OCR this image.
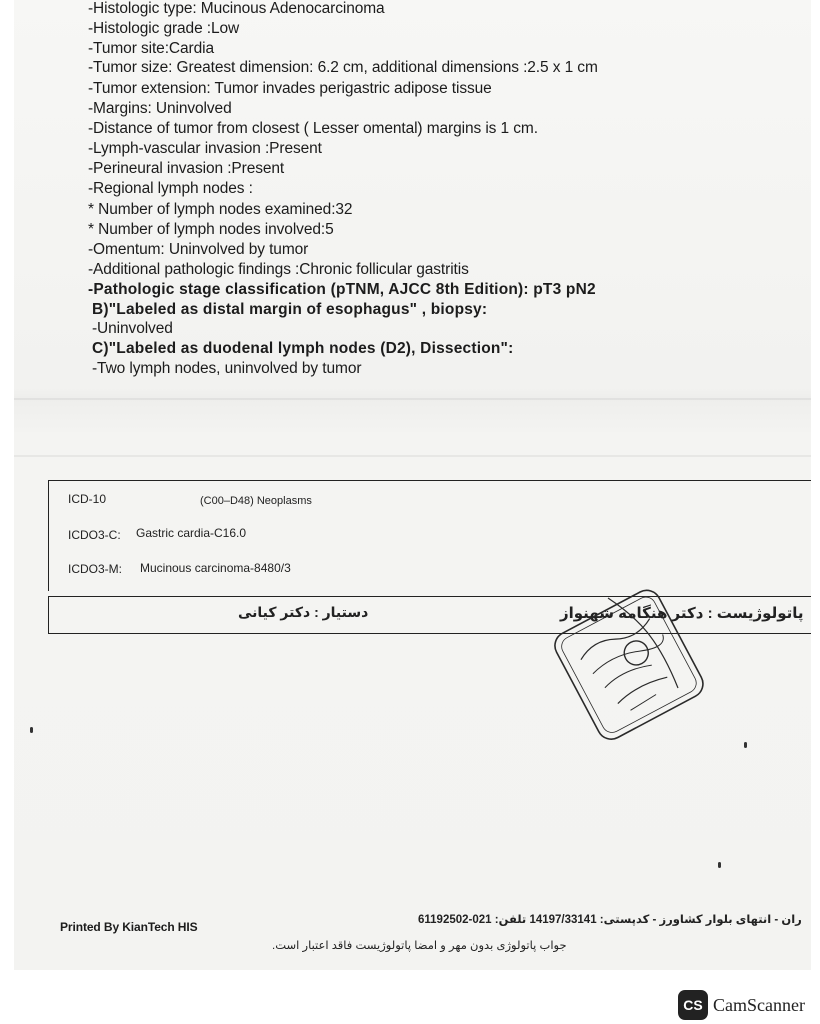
-Histologic type: Mucinous Adenocarcinoma
-Histologic grade :Low
-Tumor site:Cardia
-Tumor size: Greatest dimension: 6.2 cm, additional dimensions :2.5 x 1 cm
-Tumor extension: Tumor invades perigastric adipose tissue
-Margins: Uninvolved
-Distance of tumor from closest ( Lesser omental) margins is 1 cm.
-Lymph-vascular invasion :Present
-Perineural invasion :Present
-Regional lymph nodes :
* Number of lymph nodes examined:32
* Number of lymph nodes involved:5
-Omentum: Uninvolved by tumor
-Additional pathologic findings :Chronic follicular gastritis
-Pathologic stage classification (pTNM, AJCC 8th Edition): pT3 pN2
B)"Labeled as distal margin of esophagus" , biopsy:
-Uninvolved
C)"Labeled as duodenal lymph nodes (D2), Dissection":
-Two lymph nodes, uninvolved by tumor
ICD-10	(C00–D48) Neoplasms
ICDO3-C: Gastric cardia-C16.0
ICDO3-M: Mucinous carcinoma-8480/3
پاتولوژیست : دکتر هنگامه شهنواز
دستیار : دکتر کیانی
Printed By KianTech HIS	ران - انتهای بلوار کشاورز - کدپستی: 14197/33141 تلفن: 021-61192502
جواب پاتولوژی بدون مهر و امضا پاتولوژیست فاقد اعتبار است.
CS CamScanner
